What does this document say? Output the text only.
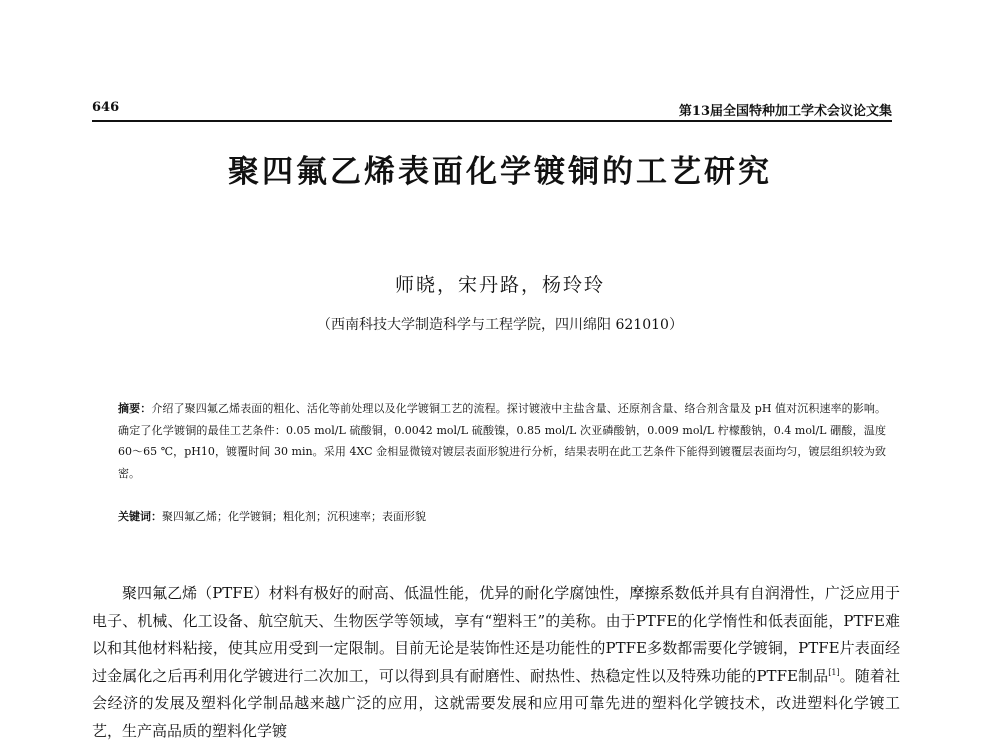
646	第13届全国特种加工学术会议论文集
聚四氟乙烯表面化学镀铜的工艺研究
师晓，宋丹路，杨玲玲
（西南科技大学制造科学与工程学院，四川绵阳 621010）
摘要：介绍了聚四氟乙烯表面的粗化、活化等前处理以及化学镀铜工艺的流程。探讨镀液中主盐含量、还原剂含量、络合剂含量及 pH 值对沉积速率的影响。确定了化学镀铜的最佳工艺条件：0.05 mol/L 硫酸铜，0.0042 mol/L 硫酸镍，0.85 mol/L 次亚磷酸钠，0.009 mol/L 柠檬酸钠，0.4 mol/L 硼酸，温度 60～65 ℃，pH10，镀覆时间 30 min。采用 4XC 金相显微镜对镀层表面形貌进行分析，结果表明在此工艺条件下能得到镀覆层表面均匀，镀层组织较为致密。
关键词：聚四氟乙烯；化学镀铜；粗化剂；沉积速率；表面形貌
聚四氟乙烯（PTFE）材料有极好的耐高、低温性能，优异的耐化学腐蚀性，摩擦系数低并具有自润滑性，广泛应用于电子、机械、化工设备、航空航天、生物医学等领域，享有“塑料王”的美称。由于PTFE的化学惰性和低表面能，PTFE难以和其他材料粘接，使其应用受到一定限制。目前无论是装饰性还是功能性的PTFE多数都需要化学镀铜，PTFE片表面经过金属化之后再利用化学镀进行二次加工，可以得到具有耐磨性、耐热性、热稳定性以及特殊功能的PTFE制品[1]。随着社会经济的发展及塑料化学制品越来越广泛的应用，这就需要发展和应用可靠先进的塑料化学镀技术，改进塑料化学镀工艺，生产高品质的塑料化学镀
